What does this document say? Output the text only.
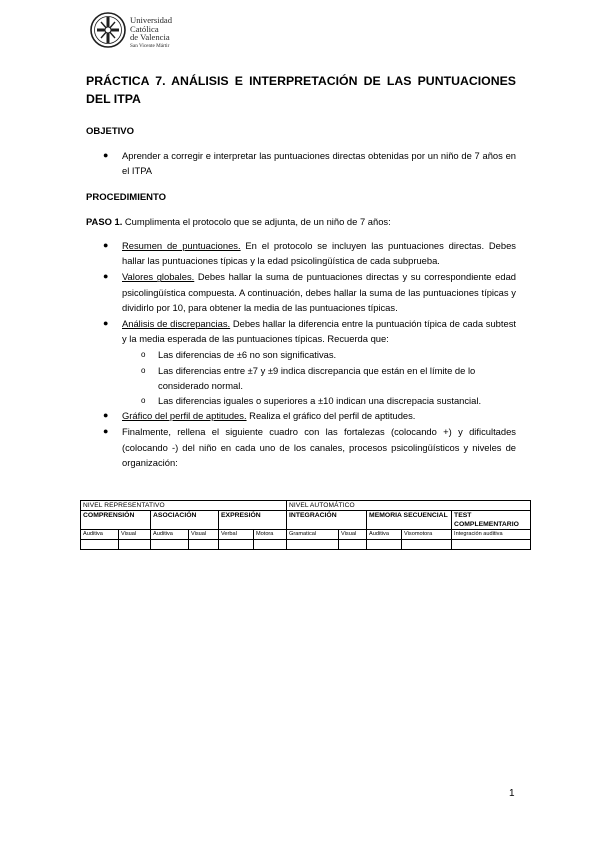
Universidad
Católica
de Valencia
San Vicente Mártir
PRÁCTICA 7. ANÁLISIS E INTERPRETACIÓN DE LAS PUNTUACIONES DEL ITPA
OBJETIVO
● Aprender a corregir e interpretar las puntuaciones directas obtenidas por un niño de 7 años en el ITPA
PROCEDIMIENTO
PASO 1. Cumplimenta el protocolo que se adjunta, de un niño de 7 años:
● Resumen de puntuaciones. En el protocolo se incluyen las puntuaciones directas. Debes hallar las puntuaciones típicas y la edad psicolingüística de cada subprueba.
● Valores globales. Debes hallar la suma de puntuaciones directas y su correspondiente edad psicolingüística compuesta. A continuación, debes hallar la suma de las puntuaciones típicas y dividirlo por 10, para obtener la media de las puntuaciones típicas.
● Análisis de discrepancias. Debes hallar la diferencia entre la puntuación típica de cada subtest y la media esperada de las puntuaciones típicas. Recuerda que:
o Las diferencias de ±6 no son significativas.
o Las diferencias entre ±7 y ±9 indica discrepancia que están en el límite de lo considerado normal.
o Las diferencias iguales o superiores a ±10 indican una discrepacia sustancial.
● Gráfico del perfil de aptitudes. Realiza el gráfico del perfil de aptitudes.
● Finalmente, rellena el siguiente cuadro con las fortalezas (colocando +) y dificultades (colocando -) del niño en cada uno de los canales, procesos psicolingüísticos y niveles de organización:
NIVEL REPRESENTATIVO						NIVEL AUTOMÁTICO				
COMPRENSIÓN		ASOCIACIÓN		EXPRESIÓN		INTEGRACIÓN		MEMORIA SECUENCIAL		TEST COMPLEMENTARIO
Auditiva	Visual	Auditiva	Visual	Verbal	Motora	Gramatical	Visual	Auditiva	Visomotora	Integración auditiva

1
